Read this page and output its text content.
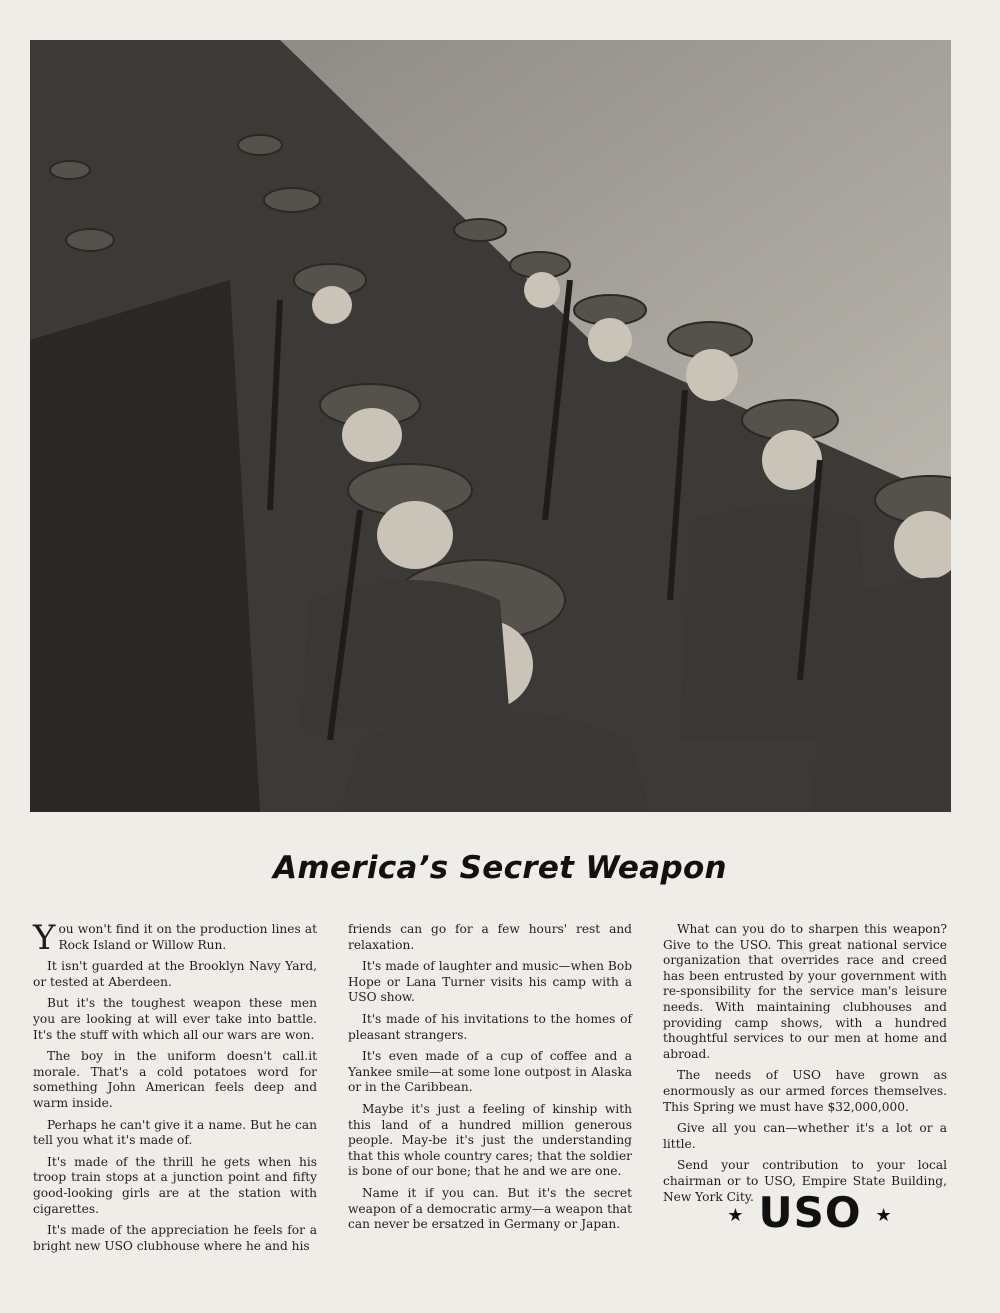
America’s Secret Weapon

You won't find it on the production lines at Rock Island or Willow Run.

It isn't guarded at the Brooklyn Navy Yard, or tested at Aberdeen.

But it's the toughest weapon these men you are looking at will ever take into battle. It's the stuff with which all our wars are won.

The boy in the uniform doesn't call.it morale. That's a cold potatoes word for something John American feels deep and warm inside.

Perhaps he can't give it a name. But he can tell you what it's made of.

It's made of the thrill he gets when his troop train stops at a junction point and fifty good-looking girls are at the station with cigarettes.

It's made of the appreciation he feels for a bright new USO clubhouse where he and his

friends can go for a few hours' rest and relaxation.

It's made of laughter and music—when Bob Hope or Lana Turner visits his camp with a USO show.

It's made of his invitations to the homes of pleasant strangers.

It's even made of a cup of coffee and a Yankee smile—at some lone outpost in Alaska or in the Caribbean.

Maybe it's just a feeling of kinship with this land of a hundred million generous people. May-be it's just the understanding that this whole country cares; that the soldier is bone of our bone; that he and we are one.

Name it if you can. But it's the secret weapon of a democratic army—a weapon that can never be ersatzed in Germany or Japan.

What can you do to sharpen this weapon? Give to the USO. This great national service organization that overrides race and creed has been entrusted by your government with re-sponsibility for the service man's leisure needs. With maintaining clubhouses and providing camp shows, with a hundred thoughtful services to our men at home and abroad.

The needs of USO have grown as enormously as our armed forces themselves. This Spring we must have $32,000,000.

Give all you can—whether it's a lot or a little.

Send your contribution to your local chairman or to USO, Empire State Building, New York City.

★ USO ★
